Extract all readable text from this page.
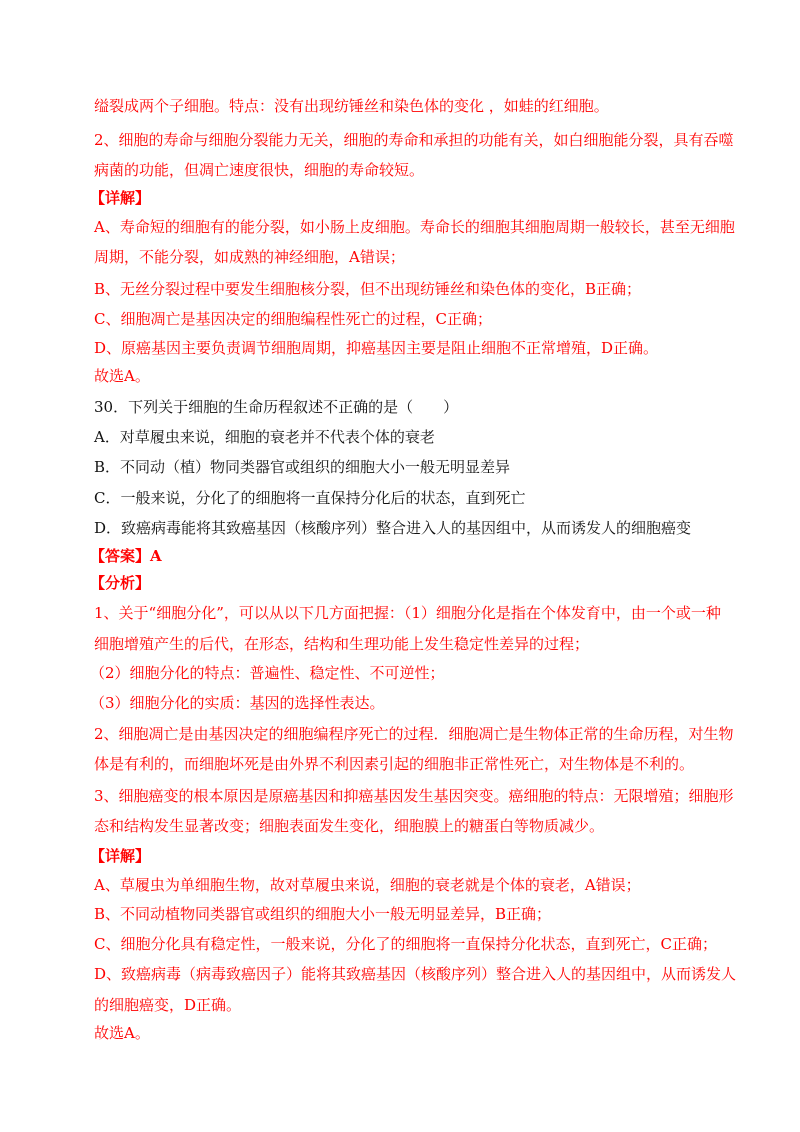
缢裂成两个子细胞。特点：没有出现纺锤丝和染色体的变化 ，如蛙的红细胞。
2、细胞的寿命与细胞分裂能力无关，细胞的寿命和承担的功能有关，如白细胞能分裂，具有吞噬
病菌的功能，但凋亡速度很快，细胞的寿命较短。
【详解】
A、寿命短的细胞有的能分裂，如小肠上皮细胞。寿命长的细胞其细胞周期一般较长，甚至无细胞
周期，不能分裂，如成熟的神经细胞，A错误；
B、无丝分裂过程中要发生细胞核分裂，但不出现纺锤丝和染色体的变化，B正确；
C、细胞凋亡是基因决定的细胞编程性死亡的过程，C正确；
D、原癌基因主要负责调节细胞周期，抑癌基因主要是阻止细胞不正常增殖，D正确。
故选A。
30．下列关于细胞的生命历程叙述不正确的是（　　）
A．对草履虫来说，细胞的衰老并不代表个体的衰老
B．不同动（植）物同类器官或组织的细胞大小一般无明显差异
C．一般来说，分化了的细胞将一直保持分化后的状态，直到死亡
D．致癌病毒能将其致癌基因（核酸序列）整合进入人的基因组中，从而诱发人的细胞癌变
【答案】A
【分析】
1、关于“细胞分化”，可以从以下几方面把握：（1）细胞分化是指在个体发育中，由一个或一种
细胞增殖产生的后代，在形态，结构和生理功能上发生稳定性差异的过程；
（2）细胞分化的特点：普遍性、稳定性、不可逆性；
（3）细胞分化的实质：基因的选择性表达。
2、细胞凋亡是由基因决定的细胞编程序死亡的过程．细胞凋亡是生物体正常的生命历程，对生物
体是有利的，而细胞坏死是由外界不利因素引起的细胞非正常性死亡，对生物体是不利的。
3、细胞癌变的根本原因是原癌基因和抑癌基因发生基因突变。癌细胞的特点：无限增殖；细胞形
态和结构发生显著改变；细胞表面发生变化，细胞膜上的糖蛋白等物质减少。
【详解】
A、草履虫为单细胞生物，故对草履虫来说，细胞的衰老就是个体的衰老，A错误；
B、不同动植物同类器官或组织的细胞大小一般无明显差异，B正确；
C、细胞分化具有稳定性，一般来说，分化了的细胞将一直保持分化状态，直到死亡，C正确；
D、致癌病毒（病毒致癌因子）能将其致癌基因（核酸序列）整合进入人的基因组中，从而诱发人
的细胞癌变，D正确。
故选A。
